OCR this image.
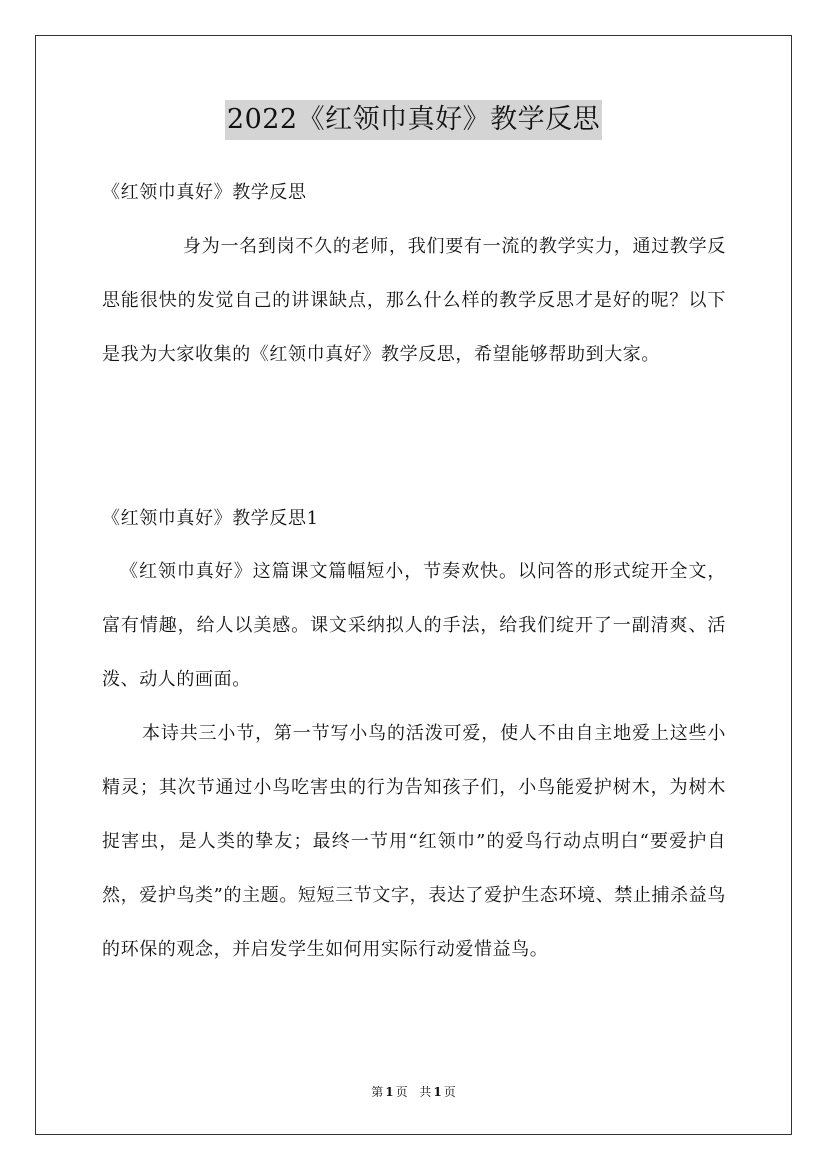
2022《红领巾真好》教学反思

《红领巾真好》教学反思

身为一名到岗不久的老师，我们要有一流的教学实力，通过教学反思能很快的发觉自己的讲课缺点，那么什么样的教学反思才是好的呢？以下是我为大家收集的《红领巾真好》教学反思，希望能够帮助到大家。

《红领巾真好》教学反思1

《红领巾真好》这篇课文篇幅短小，节奏欢快。以问答的形式绽开全文，富有情趣，给人以美感。课文采纳拟人的手法，给我们绽开了一副清爽、活泼、动人的画面。

本诗共三小节，第一节写小鸟的活泼可爱，使人不由自主地爱上这些小精灵；其次节通过小鸟吃害虫的行为告知孩子们，小鸟能爱护树木，为树木捉害虫，是人类的挚友；最终一节用“红领巾”的爱鸟行动点明白“要爱护自然，爱护鸟类”的主题。短短三节文字，表达了爱护生态环境、禁止捕杀益鸟的环保的观念，并启发学生如何用实际行动爱惜益鸟。

第 1 页 共 1 页
